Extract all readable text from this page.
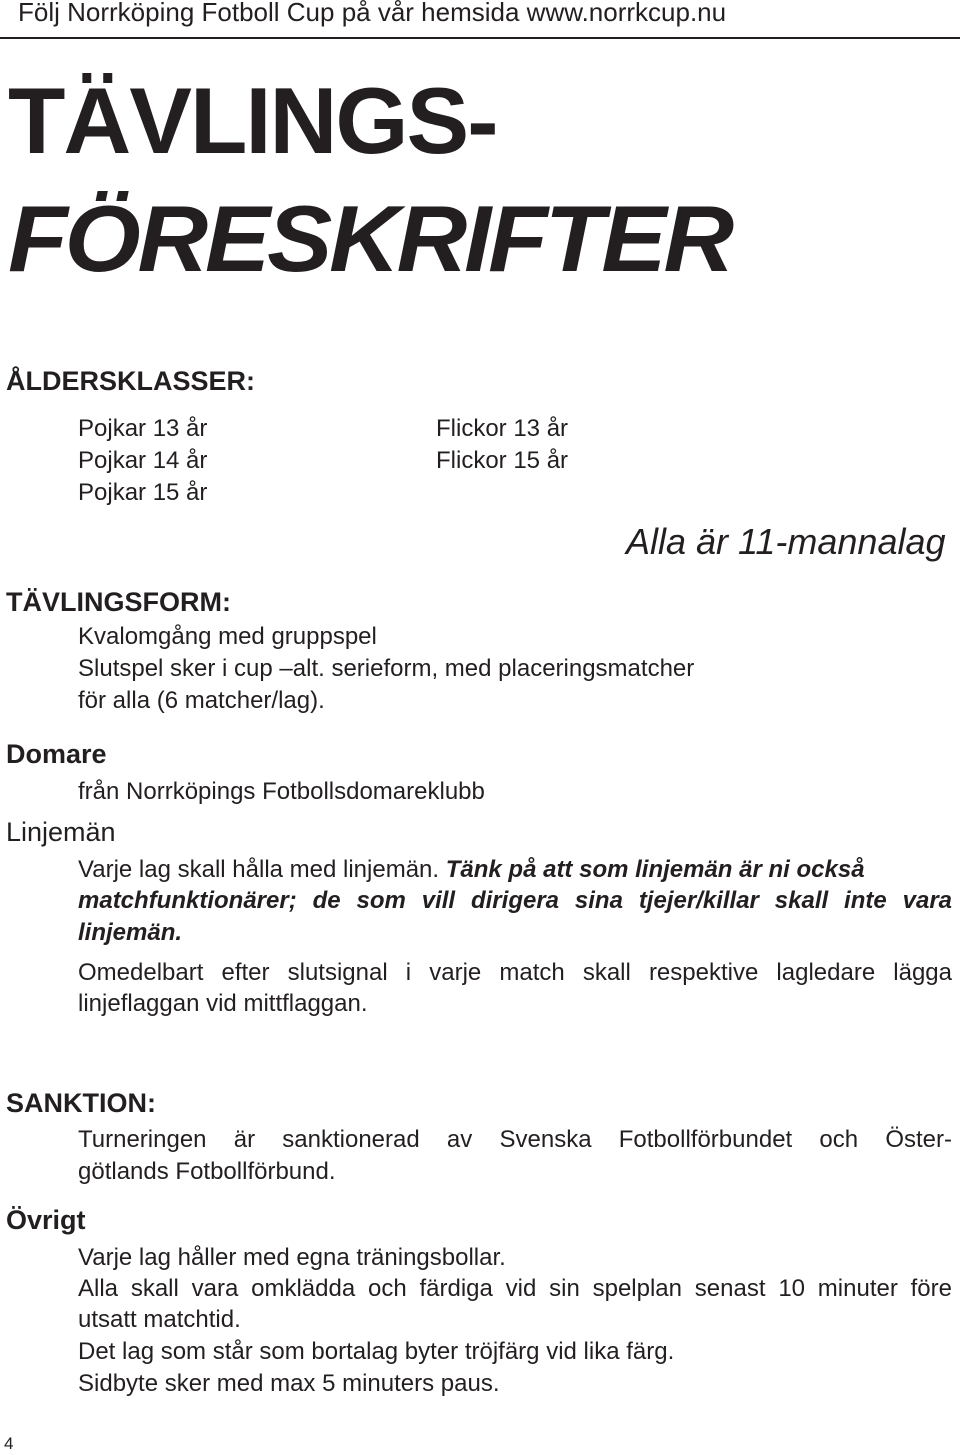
Följ Norrköping Fotboll Cup på vår hemsida www.norrkcup.nu

TÄVLINGS-
FÖRESKRIFTER
ÅLDERSKLASSER:

Pojkar 13 år

Pojkar 14 år

Pojkar 15 år

Flickor 13 år

Flickor 15 år

Alla är 11-mannalag

TÄVLINGSFORM:

Kvalomgång med gruppspel

Slutspel sker i cup –alt. serieform, med placeringsmatcher

för alla (6 matcher/lag).

Domare

från Norrköpings Fotbollsdomareklubb

Linjemän

Varje lag skall hålla med linjemän. Tänk på att som linjemän är ni också

matchfunktionärer; de som vill dirigera sina tjejer/killar skall inte vara

linjemän.

Omedelbart efter slutsignal i varje match skall respektive lagledare lägga

linjeflaggan vid mittflaggan.

SANKTION:

Turneringen är sanktionerad av Svenska Fotbollförbundet och Öster-

götlands Fotbollförbund.

Övrigt

Varje lag håller med egna träningsbollar.

Alla skall vara omklädda och färdiga vid sin spelplan senast 10 minuter före

utsatt matchtid.

Det lag som står som bortalag byter tröjfärg vid lika färg.

Sidbyte sker med max 5 minuters paus.

4
